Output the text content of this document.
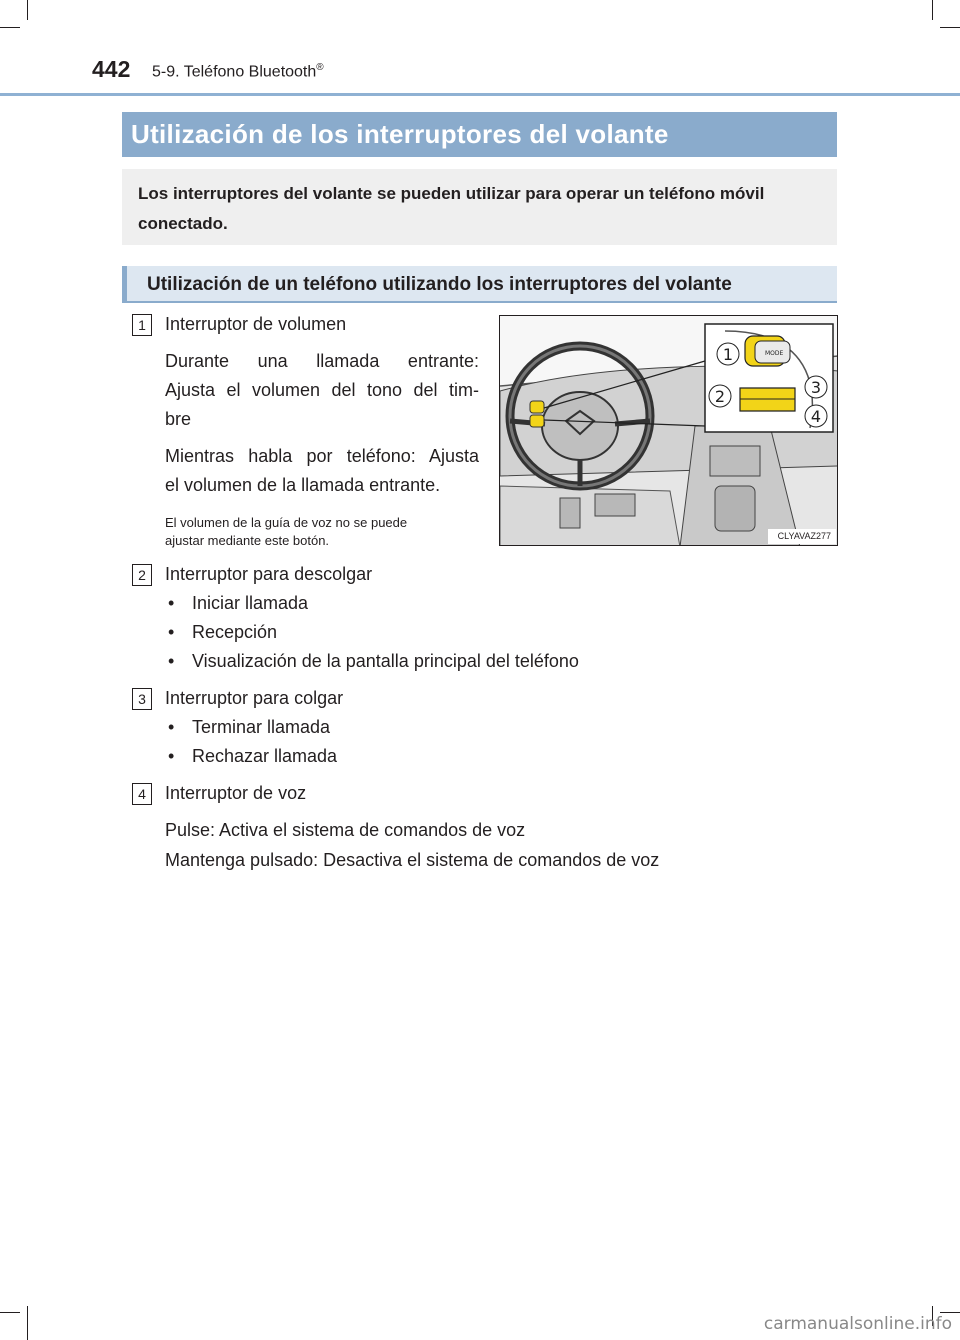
442 5-9. Teléfono Bluetooth®
Utilización de los interruptores del volante
Los interruptores del volante se pueden utilizar para operar un teléfono móvil
conectado.
Utilización de un teléfono utilizando los interruptores del volante
1	Interruptor de volumen
Durante una llamada entrante:
Ajusta el volumen del tono del tim-
bre
Mientras habla por teléfono: Ajusta
el volumen de la llamada entrante.
El volumen de la guía de voz no se puede
ajustar mediante este botón.
MODE
1
2	3
4
CLYAVAZ277
2	Interruptor para descolgar
• Iniciar llamada
• Recepción
• Visualización de la pantalla principal del teléfono
3	Interruptor para colgar
• Terminar llamada
• Rechazar llamada
4	Interruptor de voz
Pulse: Activa el sistema de comandos de voz
Mantenga pulsado: Desactiva el sistema de comandos de voz
carmanualsonline.info
